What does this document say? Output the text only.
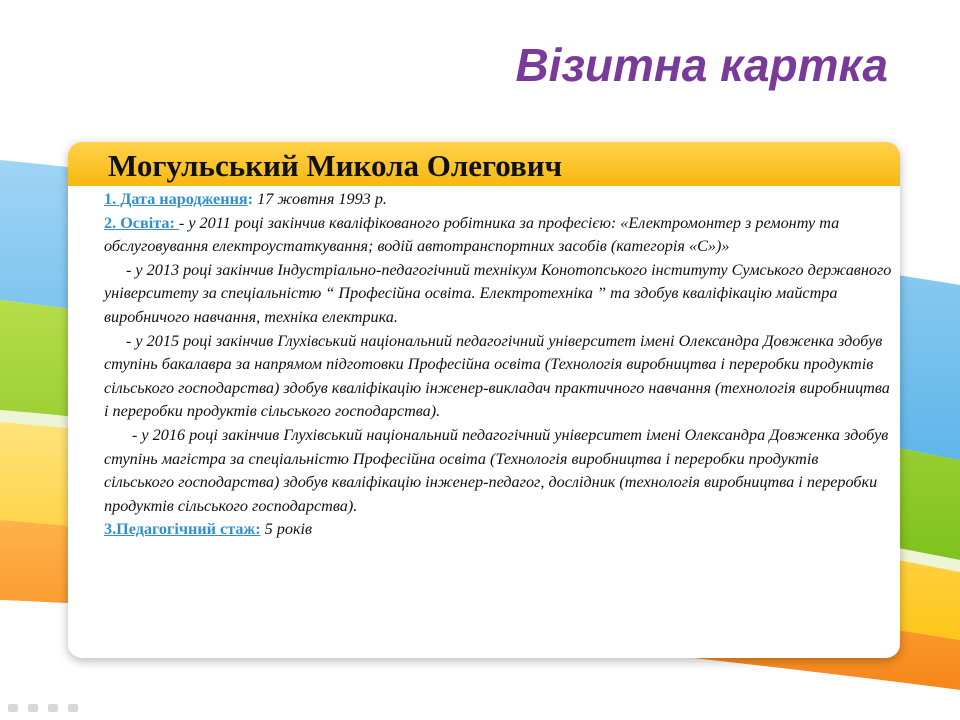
Візитна картка
Могульський Микола Олегович

1. Дата народження: 17 жовтня 1993 р.

2. Освіта: - у 2011 році закінчив кваліфікованого робітника за професією: «Електромонтер з ремонту та обслуговування електроустаткування; водій автотранспортних засобів (категорія «С»)»

- у 2013 році закінчив Індустріально-педагогічний технікум Конотопського інституту Сумського державного університету за спеціальністю “ Професійна освіта. Електротехніка ” та здобув кваліфікацію майстра виробничого навчання, техніка електрика.

- у 2015 році закінчив Глухівський національний педагогічний університет імені Олександра Довженка здобув ступінь бакалавра за напрямом підготовки Професійна освіта (Технологія виробництва і переробки продуктів сільського господарства) здобув кваліфікацію інженер-викладач практичного навчання (технологія виробництва і переробки продуктів сільського господарства).

- у 2016 році закінчив Глухівський національний педагогічний університет імені Олександра Довженка здобув ступінь магістра за спеціальністю Професійна освіта (Технологія виробництва і переробки продуктів сільського господарства) здобув кваліфікацію інженер-педагог, дослідник (технологія виробництва і переробки продуктів сільського господарства).

3.Педагогічний стаж: 5 років
